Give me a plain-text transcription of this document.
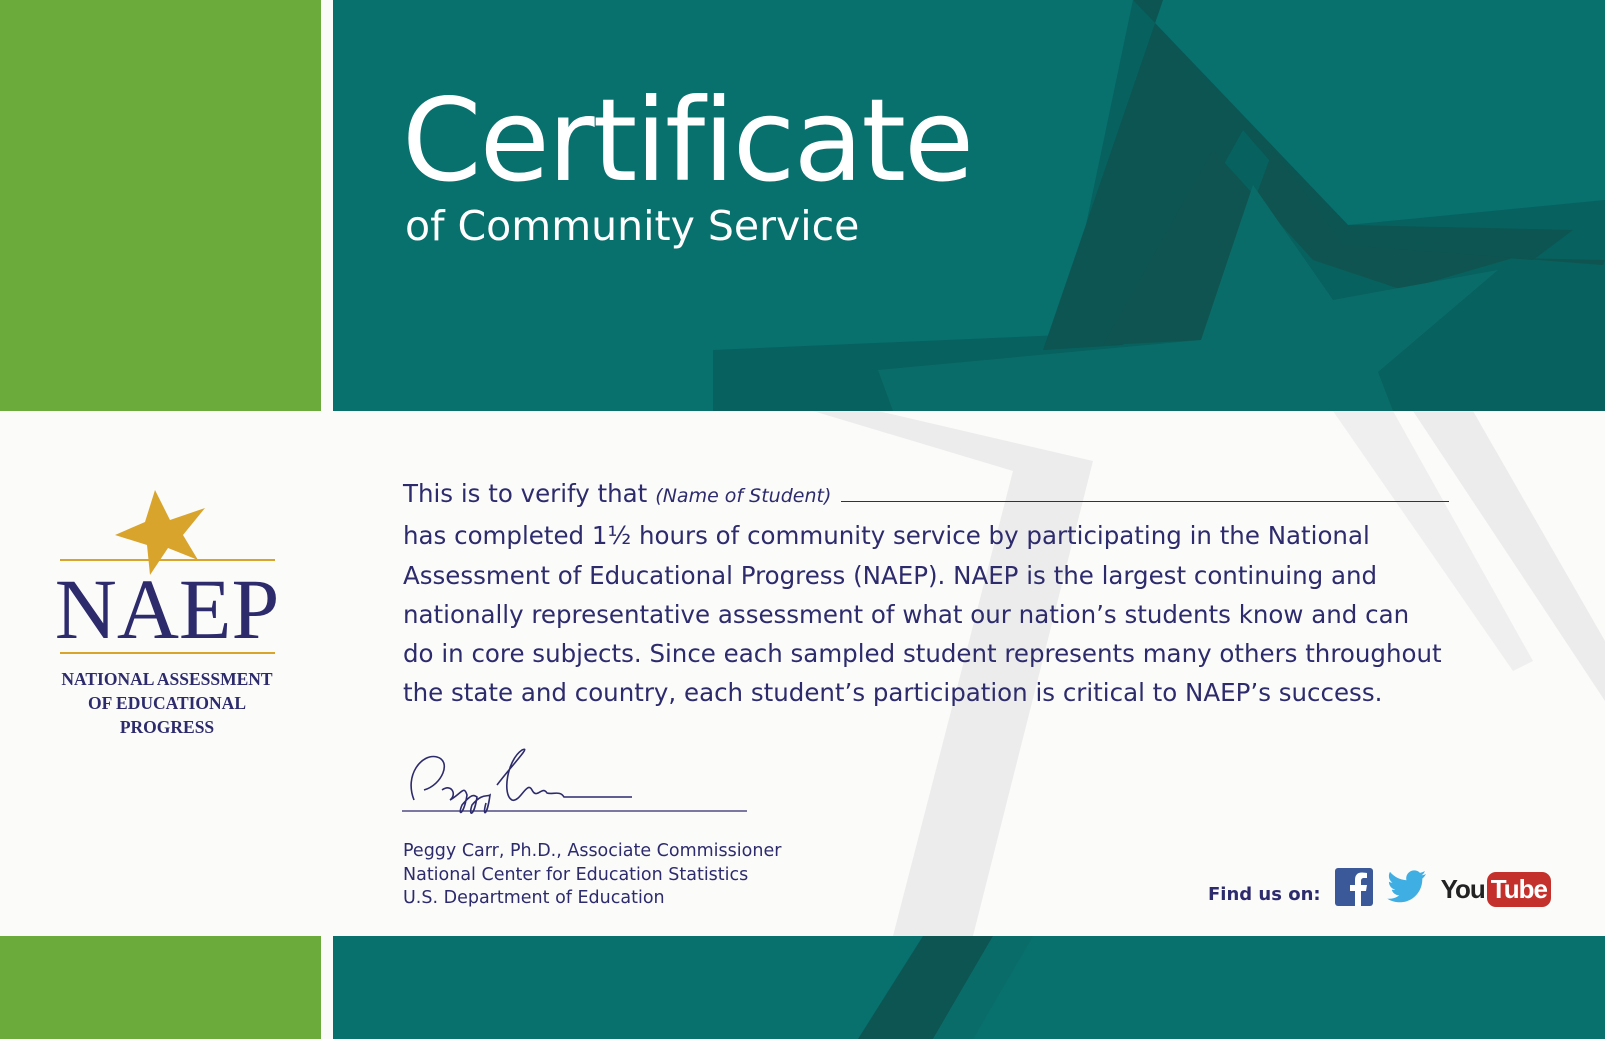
Certificate
of Community Service
NAEP
NATIONAL ASSESSMENT
OF EDUCATIONAL
PROGRESS
This is to verify that (Name of Student)
has completed 1½ hours of community service by participating in the National
Assessment of Educational Progress (NAEP). NAEP is the largest continuing and
nationally representative assessment of what our nation’s students know and can
do in core subjects. Since each sampled student represents many others throughout
the state and country, each student’s participation is critical to NAEP’s success.
Peggy Carr, Ph.D., Associate Commissioner
National Center for Education Statistics
U.S. Department of Education	Find us on:	You Tube
